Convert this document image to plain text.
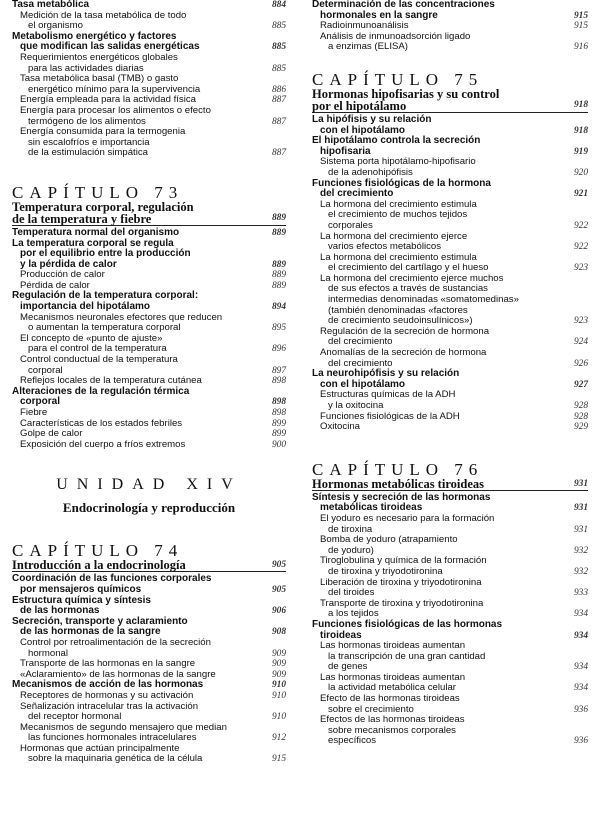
Tasa metabólica	884
Medición de la tasa metabólica de todo
el organismo	885
Metabolismo energético y factores
que modifican las salidas energéticas	885
Requerimientos energéticos globales
para las actividades diarias	885
Tasa metabólica basal (TMB) o gasto
energético mínimo para la supervivencia	886
Energía empleada para la actividad física	887
Energía para procesar los alimentos o efecto
termógeno de los alimentos	887
Energía consumida para la termogenia
sin escalofríos e importancia
de la estimulación simpática	887
CAPÍTULO 73
Temperatura corporal, regulación
de la temperatura y fiebre	889
Temperatura normal del organismo	889
La temperatura corporal se regula
por el equilibrio entre la producción
y la pérdida de calor	889
Producción de calor	889
Pérdida de calor	889
Regulación de la temperatura corporal:
importancia del hipotálamo	894
Mecanismos neuronales efectores que reducen
o aumentan la temperatura corporal	895
El concepto de «punto de ajuste»
para el control de la temperatura	896
Control conductual de la temperatura
corporal	897
Reflejos locales de la temperatura cutánea	898
Alteraciones de la regulación térmica
corporal	898
Fiebre	898
Características de los estados febriles	899
Golpe de calor	899
Exposición del cuerpo a fríos extremos	900
UNIDAD XIV
Endocrinología y reproducción
CAPÍTULO 74
Introducción a la endocrinología	905
Coordinación de las funciones corporales
por mensajeros químicos	905
Estructura química y síntesis
de las hormonas	906
Secreción, transporte y aclaramiento
de las hormonas de la sangre	908
Control por retroalimentación de la secreción
hormonal	909
Transporte de las hormonas en la sangre	909
«Aclaramiento» de las hormonas de la sangre	909
Mecanismos de acción de las hormonas	910
Receptores de hormonas y su activación	910
Señalización intracelular tras la activación
del receptor hormonal	910
Mecanismos de segundo mensajero que median
las funciones hormonales intracelulares	912
Hormonas que actúan principalmente
sobre la maquinaria genética de la célula	915
Determinación de las concentraciones
hormonales en la sangre	915
Radioinmunoanálisis	915
Análisis de inmunoadsorción ligado
a enzimas (ELISA)	916
CAPÍTULO 75
Hormonas hipofisarias y su control
por el hipotálamo	918
La hipófisis y su relación
con el hipotálamo	918
El hipotálamo controla la secreción
hipofisaria	919
Sistema porta hipotálamo-hipofisario
de la adenohipófisis	920
Funciones fisiológicas de la hormona
del crecimiento	921
La hormona del crecimiento estimula
el crecimiento de muchos tejidos
corporales	922
La hormona del crecimiento ejerce
varios efectos metabólicos	922
La hormona del crecimiento estimula
el crecimiento del cartílago y el hueso	923
La hormona del crecimiento ejerce muchos
de sus efectos a través de sustancias
intermedias denominadas «somatomedinas»
(también denominadas «factores
de crecimiento seudoinsulínicos»)	923
Regulación de la secreción de hormona
del crecimiento	924
Anomalías de la secreción de hormona
del crecimiento	926
La neurohipófisis y su relación
con el hipotálamo	927
Estructuras químicas de la ADH
y la oxitocina	928
Funciones fisiológicas de la ADH	928
Oxitocina	929
CAPÍTULO 76
Hormonas metabólicas tiroideas	931
Síntesis y secreción de las hormonas
metabólicas tiroideas	931
El yoduro es necesario para la formación
de tiroxina	931
Bomba de yoduro (atrapamiento
de yoduro)	932
Tiroglobulina y química de la formación
de tiroxina y triyodotironina	932
Liberación de tiroxina y triyodotironina
del tiroides	933
Transporte de tiroxina y triyodotironina
a los tejidos	934
Funciones fisiológicas de las hormonas
tiroideas	934
Las hormonas tiroideas aumentan
la transcripción de una gran cantidad
de genes	934
Las hormonas tiroideas aumentan
la actividad metabólica celular	934
Efecto de las hormonas tiroideas
sobre el crecimiento	936
Efectos de las hormonas tiroideas
sobre mecanismos corporales
específicos	936
